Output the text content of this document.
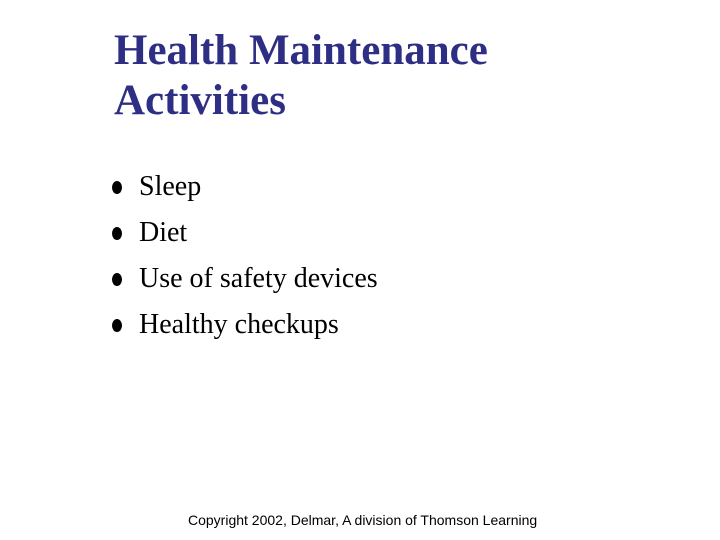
Health Maintenance
Activities
Sleep
Diet
Use of safety devices
Healthy checkups
Copyright 2002, Delmar, A division of Thomson Learning
